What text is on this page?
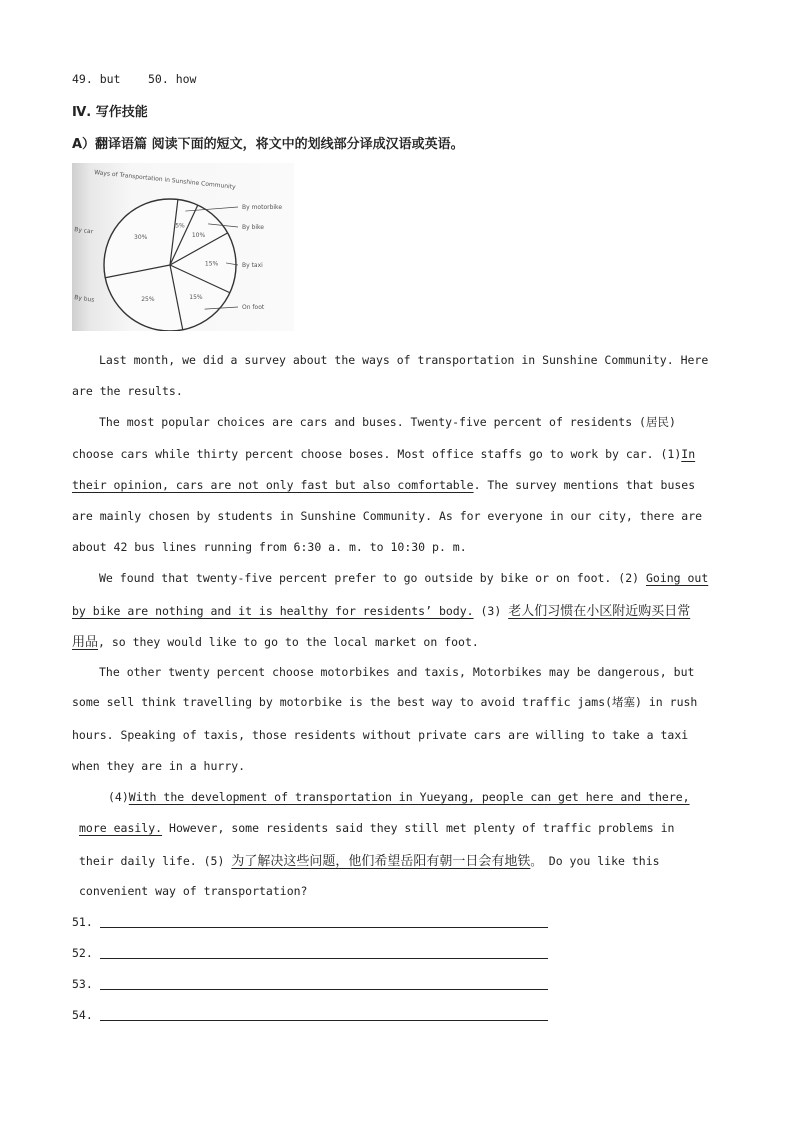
49. but 50. how
Ⅳ. 写作技能
A）翻译语篇 阅读下面的短文，将文中的划线部分译成汉语或英语。
Ways of Transportation in Sunshine Community
5%
By motorbike
10%
By bike
15%	By taxi
15%
On foot
25%
30%
By car
By bus
Last month, we did a survey about the ways of transportation in Sunshine Community. Here
are the results.
The most popular choices are cars and buses. Twenty-five percent of residents (居民)
choose cars while thirty percent choose boses. Most office staffs go to work by car. (1)In
their opinion, cars are not only fast but also comfortable. The survey mentions that buses
are mainly chosen by students in Sunshine Community. As for everyone in our city, there are
about 42 bus lines running from 6:30 a. m. to 10:30 p. m.
We found that twenty-five percent prefer to go outside by bike or on foot. (2) Going out
by bike are nothing and it is healthy for residents’ body. (3) 老人们习惯在小区附近购买日常
用品, so they would like to go to the local market on foot.
The other twenty percent choose motorbikes and taxis, Motorbikes may be dangerous, but
some sell think travelling by motorbike is the best way to avoid traffic jams(堵塞) in rush
hours. Speaking of taxis, those residents without private cars are willing to take a taxi
when they are in a hurry.
(4)With the development of transportation in Yueyang, people can get here and there,
more easily. However, some residents said they still met plenty of traffic problems in
their daily life. (5) 为了解决这些问题，他们希望岳阳有朝一日会有地铁。 Do you like this
convenient way of transportation?
51.
52.
53.
54.
